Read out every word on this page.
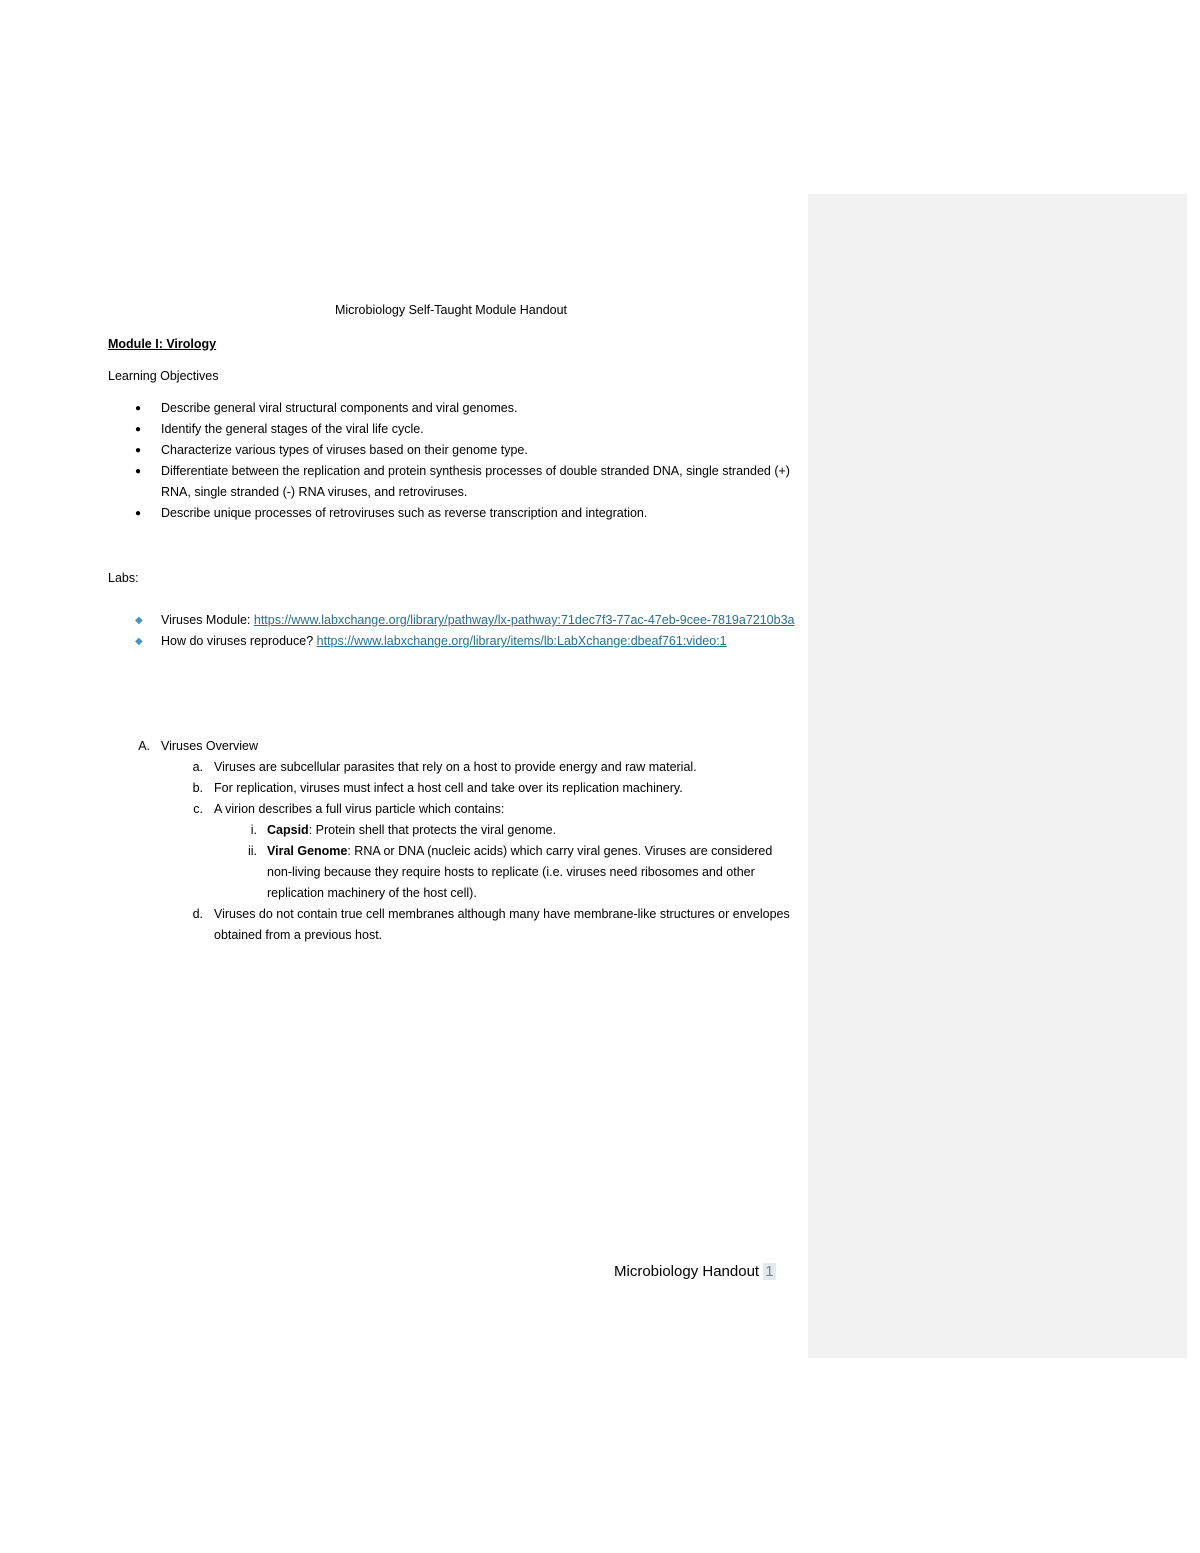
Microbiology Self-Taught Module Handout
Module I: Virology
Learning Objectives
● Describe general viral structural components and viral genomes.
● Identify the general stages of the viral life cycle.
● Characterize various types of viruses based on their genome type.
● Differentiate between the replication and protein synthesis processes of double stranded DNA, single stranded (+) RNA, single stranded (-) RNA viruses, and retroviruses.
● Describe unique processes of retroviruses such as reverse transcription and integration.
Labs:
◆ Viruses Module: https://www.labxchange.org/library/pathway/lx-pathway:71dec7f3-77ac-47eb-9cee-7819a7210b3a
◆ How do viruses reproduce? https://www.labxchange.org/library/items/lb:LabXchange:dbeaf761:video:1
A. Viruses Overview
a. Viruses are subcellular parasites that rely on a host to provide energy and raw material.
b. For replication, viruses must infect a host cell and take over its replication machinery.
c. A virion describes a full virus particle which contains:
i. Capsid: Protein shell that protects the viral genome.
ii. Viral Genome: RNA or DNA (nucleic acids) which carry viral genes. Viruses are considered non-living because they require hosts to replicate (i.e. viruses need ribosomes and other replication machinery of the host cell).
d. Viruses do not contain true cell membranes although many have membrane-like structures or envelopes obtained from a previous host.
Microbiology Handout 1
